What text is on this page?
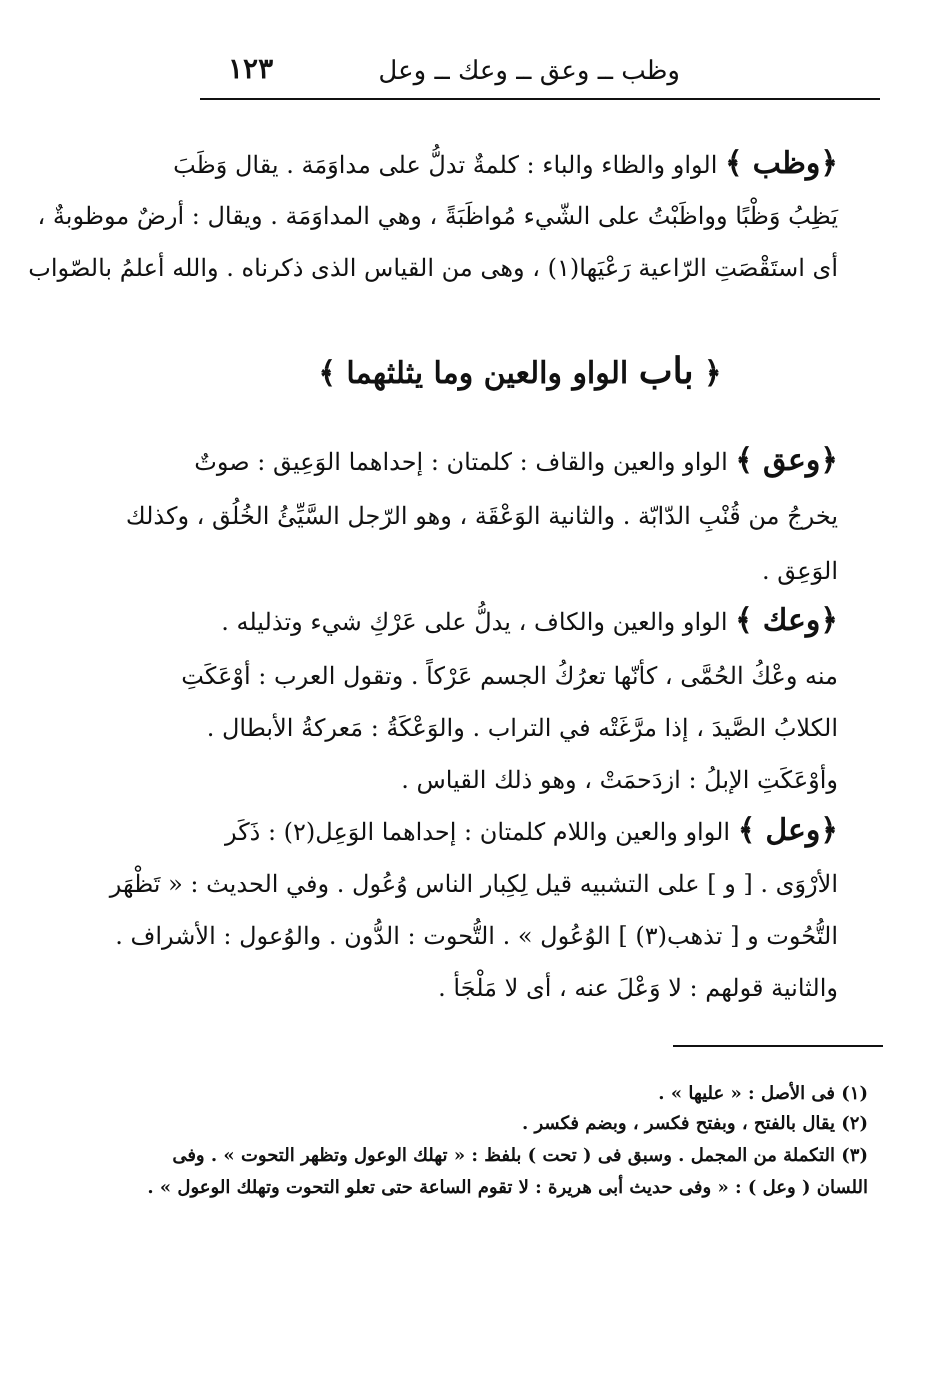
وظب ــ وعق ــ وعك ــ وعل
١٢٣
﴿وظب﴾ الواو والظاء والباء : كلمةٌ تدلُّ على مداوَمَة . يقال وَظَبَ
يَظِبُ وَظْبًا وواظَبْتُ على الشّيء مُواظَبَةً ، وهي المداوَمَة . ويقال : أرضٌ موظوبةٌ ،
أى استَقْصَتِ الرّاعية رَعْيَها(١) ، وهى من القياس الذى ذكرناه . والله أعلمُ بالصّواب
﴿ باب الواو والعين وما يثلثهما ﴾
﴿وعق﴾ الواو والعين والقاف : كلمتان : إحداهما الوَعِيق : صوتٌ
يخرجُ من قُنْبِ الدّابّة . والثانية الوَعْقَة ، وهو الرّجل السَّيِّئُ الخُلُق ، وكذلك
الوَعِق .
﴿وعك﴾ الواو والعين والكاف ، يدلُّ على عَرْكِ شيء وتذليله .
منه وعْكُ الحُمَّى ، كأنّها تعرُكُ الجسم عَرْكاً . وتقول العرب : أوْعَكَتِ
الكلابُ الصَّيدَ ، إذا مرَّغَتْه في التراب . والوَعْكَةُ : مَعركةُ الأبطال .
وأوْعَكَتِ الإبلُ : ازدَحمَتْ ، وهو ذلك القياس .
﴿وعل﴾ الواو والعين واللام كلمتان : إحداهما الوَعِل(٢) : ذَكَر
الأرْوَى . [ و ] على التشبيه قيل لِكِبار الناس وُعُول . وفي الحديث : « تَظْهَر
التُّحُوت و [ تذهب(٣) ] الوُعُول » . التُّحوت : الدُّون . والوُعول : الأشراف .
والثانية قولهم : لا وَعْلَ عنه ، أى لا مَلْجَأ .
(١) فى الأصل : « عليها » .
(٢) يقال بالفتح ، وبفتح فكسر ، وبضم فكسر .
(٣) التكملة من المجمل . وسبق فى ( تحت ) بلفظ : « تهلك الوعول وتظهر التحوت » . وفى
اللسان ( وعل ) : « وفى حديث أبى هريرة : لا تقوم الساعة حتى تعلو التحوت وتهلك الوعول » .
